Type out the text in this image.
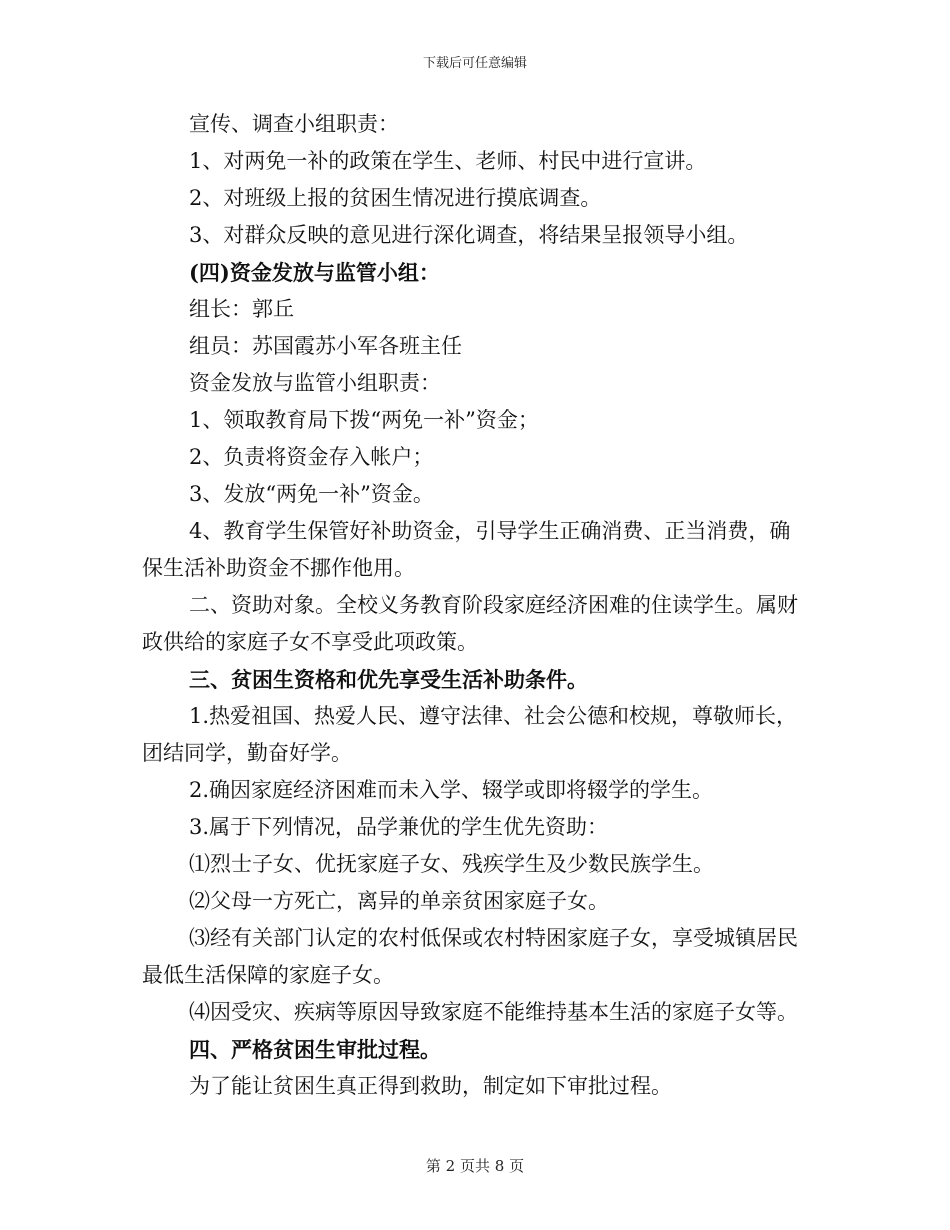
下载后可任意编辑

宣传、调查小组职责：

1、对两免一补的政策在学生、老师、村民中进行宣讲。

2、对班级上报的贫困生情况进行摸底调查。

3、对群众反映的意见进行深化调查，将结果呈报领导小组。

(四)资金发放与监管小组：

组长：郭丘

组员：苏国霞苏小军各班主任

资金发放与监管小组职责：

1、领取教育局下拨“两免一补”资金；

2、负责将资金存入帐户；

3、发放“两免一补”资金。

4、教育学生保管好补助资金，引导学生正确消费、正当消费，确保生活补助资金不挪作他用。

二、资助对象。全校义务教育阶段家庭经济困难的住读学生。属财政供给的家庭子女不享受此项政策。

三、贫困生资格和优先享受生活补助条件。

1.热爱祖国、热爱人民、遵守法律、社会公德和校规，尊敬师长，团结同学，勤奋好学。

2.确因家庭经济困难而未入学、辍学或即将辍学的学生。

3.属于下列情况，品学兼优的学生优先资助：

⑴烈士子女、优抚家庭子女、残疾学生及少数民族学生。

⑵父母一方死亡，离异的单亲贫困家庭子女。

⑶经有关部门认定的农村低保或农村特困家庭子女，享受城镇居民最低生活保障的家庭子女。

⑷因受灾、疾病等原因导致家庭不能维持基本生活的家庭子女等。

四、严格贫困生审批过程。

为了能让贫困生真正得到救助，制定如下审批过程。

第 2 页共 8 页
